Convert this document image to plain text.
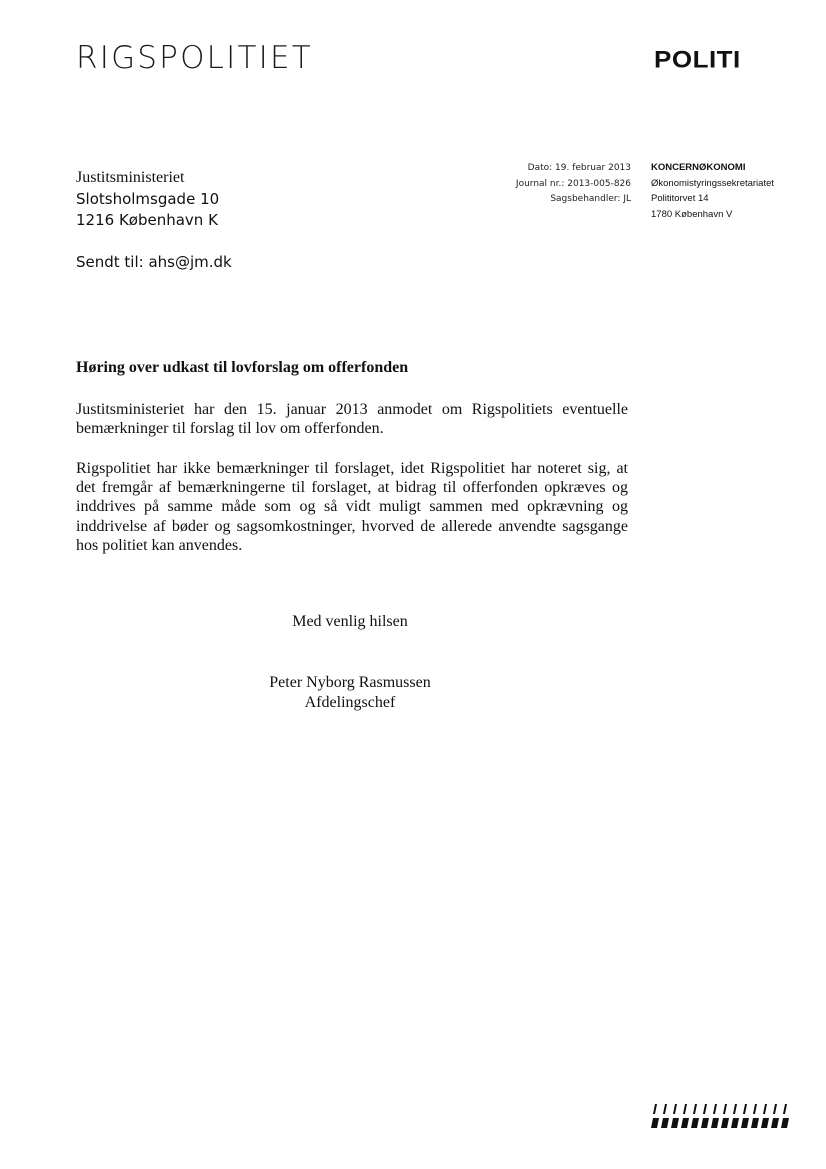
RIGSPOLITIET	POLITI
Justitsministeriet
Slotsholmsgade 10
1216 København K
Sendt til: ahs@jm.dk
Dato: 19. februar 2013
Journal nr.: 2013-005-826
Sagsbehandler: JL
KONCERNØKONOMI
Økonomistyringssekretariatet
Polititorvet 14
1780 København V
Høring over udkast til lovforslag om offerfonden
Justitsministeriet har den 15. januar 2013 anmodet om Rigspolitiets eventuelle bemærkninger til forslag til lov om offerfonden.
Rigspolitiet har ikke bemærkninger til forslaget, idet Rigspolitiet har noteret sig, at det fremgår af bemærkningerne til forslaget, at bidrag til offerfonden opkræves og inddrives på samme måde som og så vidt muligt sammen med opkrævning og inddrivelse af bøder og sagsomkostninger, hvorved de allerede anvendte sagsgange hos politiet kan anvendes.
Med venlig hilsen
Peter Nyborg Rasmussen
Afdelingschef
